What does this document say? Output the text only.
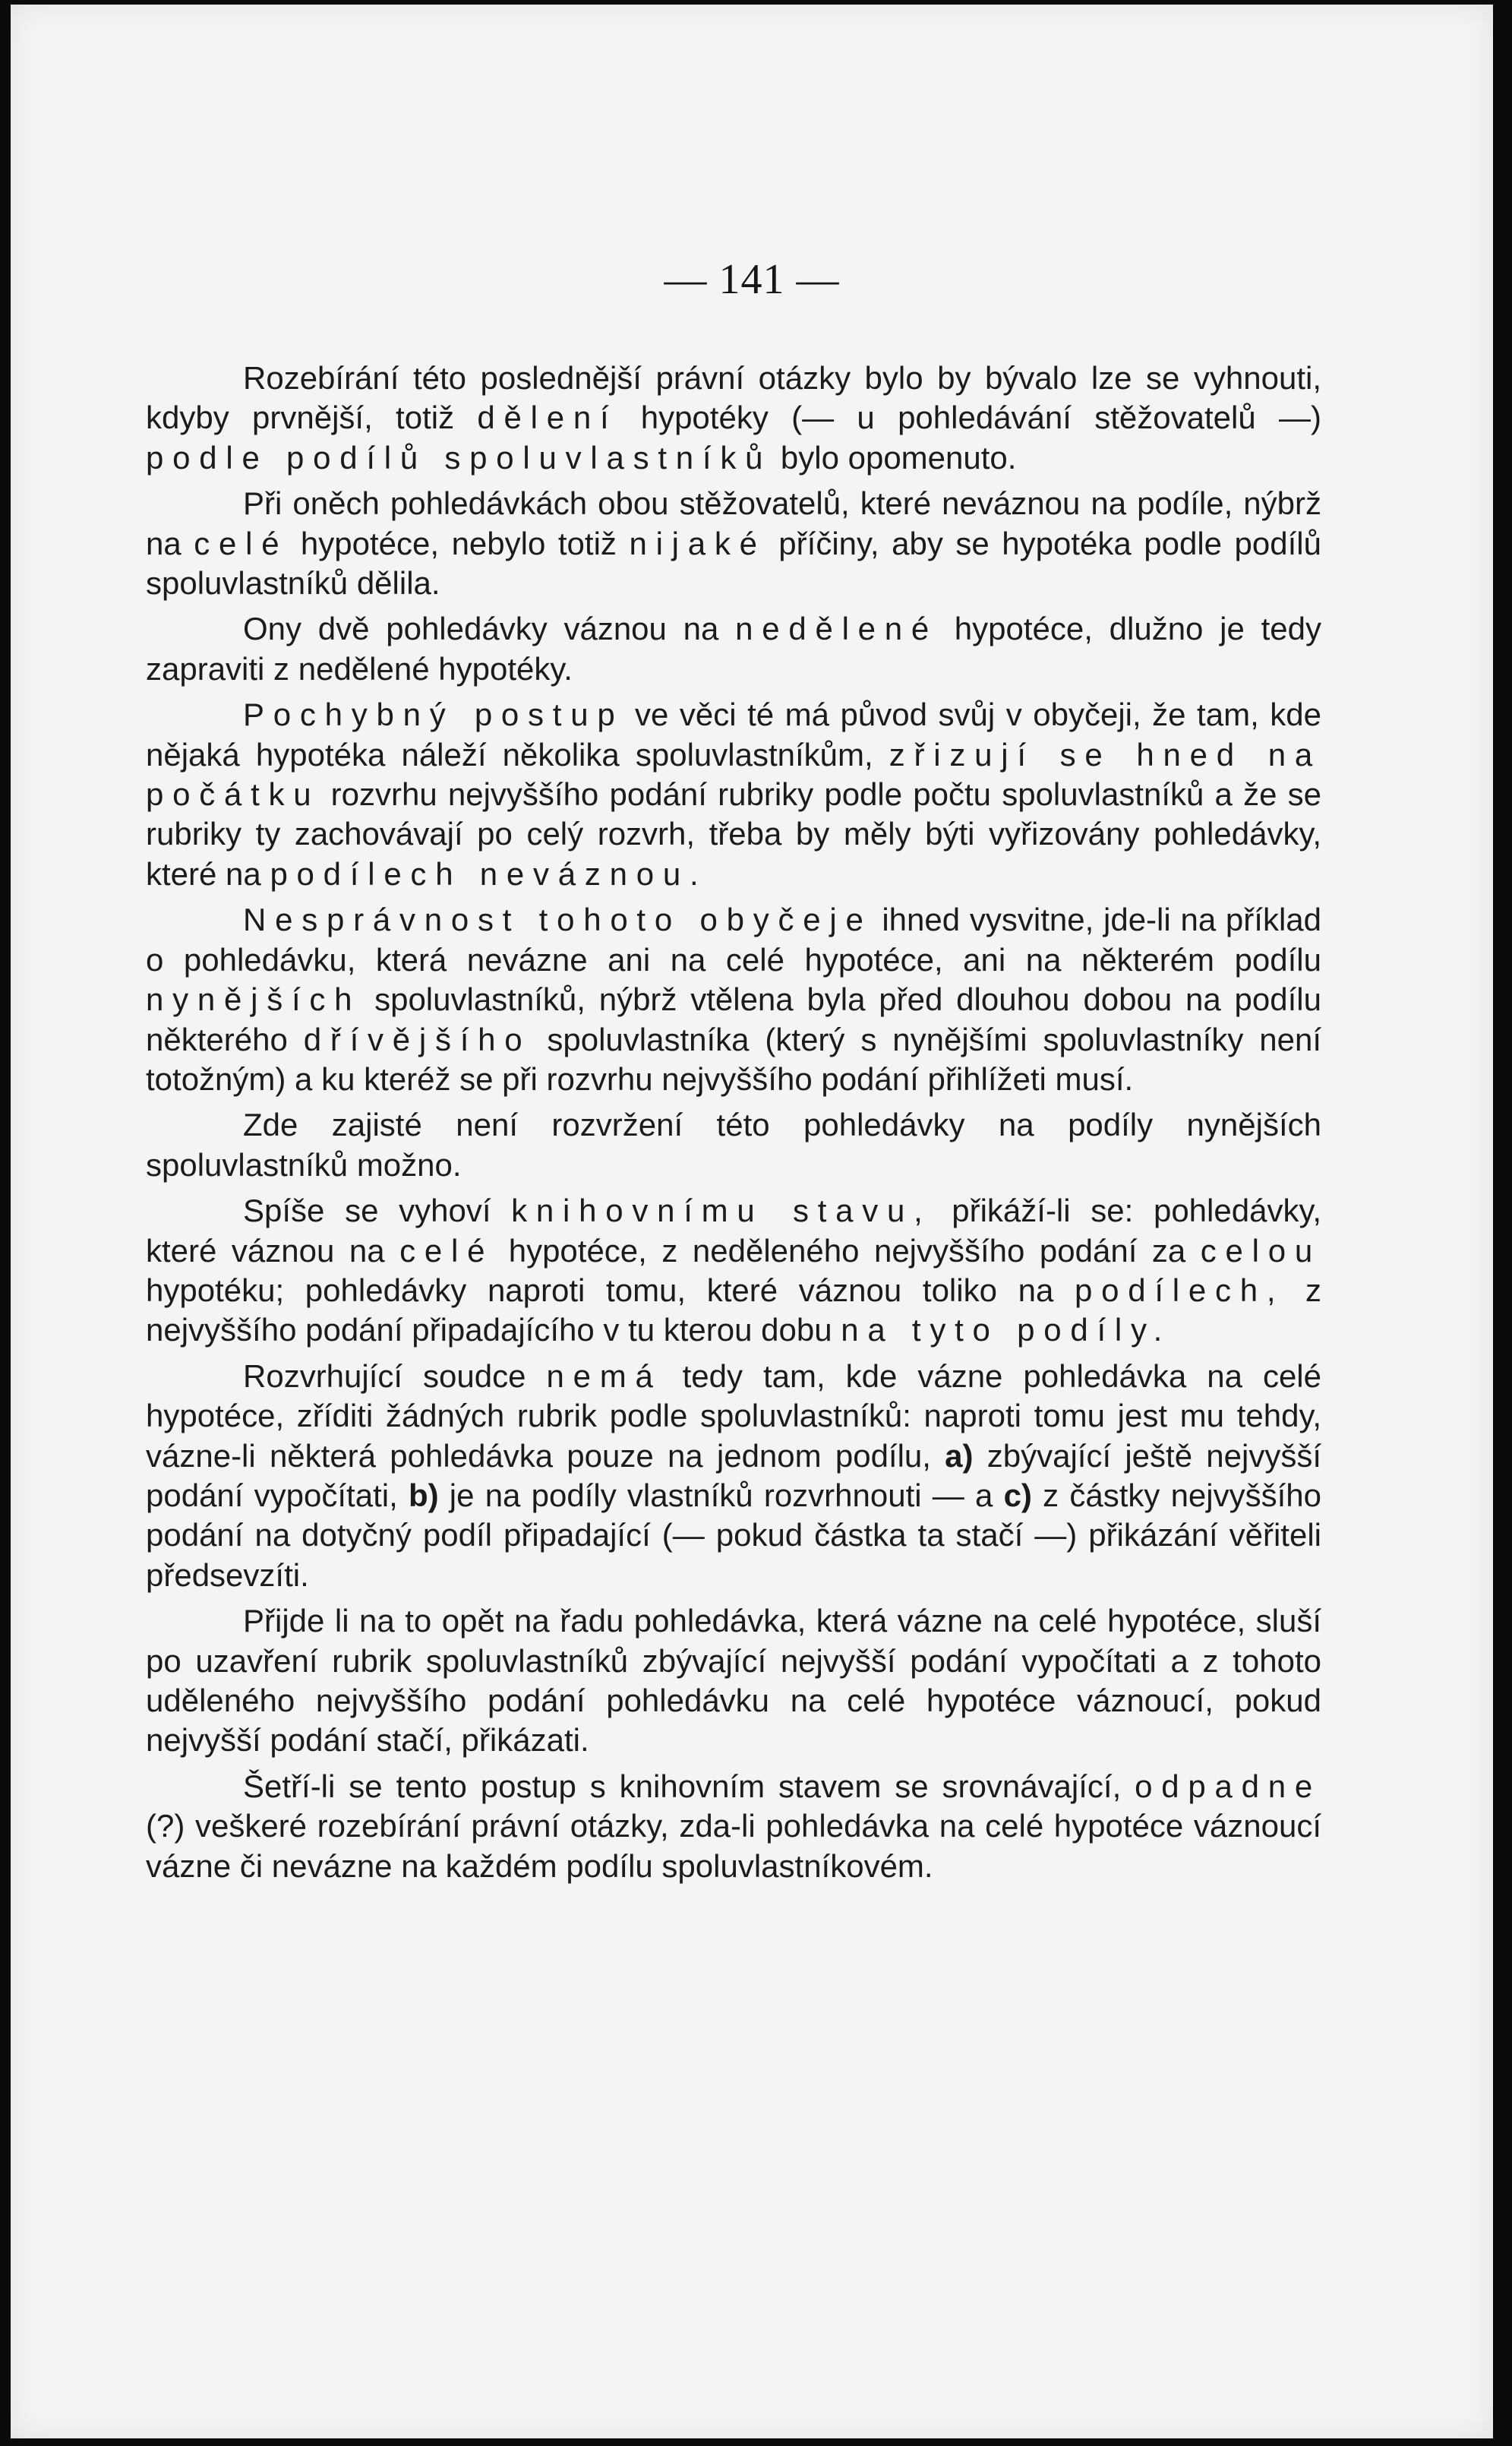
— 141 —

Rozebírání této poslednější právní otázky bylo by bývalo lze se vyhnouti, kdyby prvnější, totiž dělení hypotéky (— u pohledávání stěžovatelů —) podle podílů spoluvlastníků bylo opomenuto.

Při oněch pohledávkách obou stěžovatelů, které neváznou na podíle, nýbrž na celé hypotéce, nebylo totiž nijaké příčiny, aby se hypotéka podle podílů spoluvlastníků dělila.

Ony dvě pohledávky váznou na nedělené hypotéce, dlužno je tedy zapraviti z nedělené hypotéky.

Pochybný postup ve věci té má původ svůj v obyčeji, že tam, kde nějaká hypotéka náleží několika spoluvlastníkům, zřizují se hned na počátku rozvrhu nejvyššího podání rubriky podle počtu spoluvlastníků a že se rubriky ty zachovávají po celý rozvrh, třeba by měly býti vyřizovány pohledávky, které na podílech neváznou.

Nesprávnost tohoto obyčeje ihned vysvitne, jde-li na příklad o pohledávku, která nevázne ani na celé hypotéce, ani na některém podílu nynějších spoluvlastníků, nýbrž vtělena byla před dlouhou dobou na podílu některého dřívějšího spoluvlastníka (který s nynějšími spoluvlastníky není totožným) a ku kteréž se při rozvrhu nejvyššího podání přihlížeti musí.

Zde zajisté není rozvržení této pohledávky na podíly nynějších spoluvlastníků možno.

Spíše se vyhoví knihovnímu stavu, přikáží-li se: pohledávky, které váznou na celé hypotéce, z nedělenéhо nejvyššího podání za celou hypotéku; pohledávky naproti tomu, které váznou toliko na podílech, z nejvyššího podání připadajícího v tu kterou dobu na tyto podíly.

Rozvrhující soudce nemá tedy tam, kde vázne pohledávka na celé hypotéce, zříditi žádných rubrik podle spoluvlastníků: naproti tomu jest mu tehdy, vázne-li některá pohledávka pouze na jednom podílu, a) zbývající ještě nejvyšší podání vypočítati, b) je na podíly vlastníků rozvrhnouti — a c) z částky nejvyššího podání na dotyčný podíl připadající (— pokud částka ta stačí —) přikázání věřiteli předsevzíti.

Přijde li na to opět na řadu pohledávka, která vázne na celé hypotéce, sluší po uzavření rubrik spoluvlastníků zbývající nejvyšší podání vypočítati a z tohoto uděleného nejvyššího podání pohledávku na celé hypotéce váznoucí, pokud nejvyšší podání stačí, přikázati.

Šetří-li se tento postup s knihovním stavem se srovnávající, odpadne (?) veškeré rozebírání právní otázky, zda-li pohledávka na celé hypotéce váznoucí vázne či nevázne na každém podílu spoluvlastníkovém.
